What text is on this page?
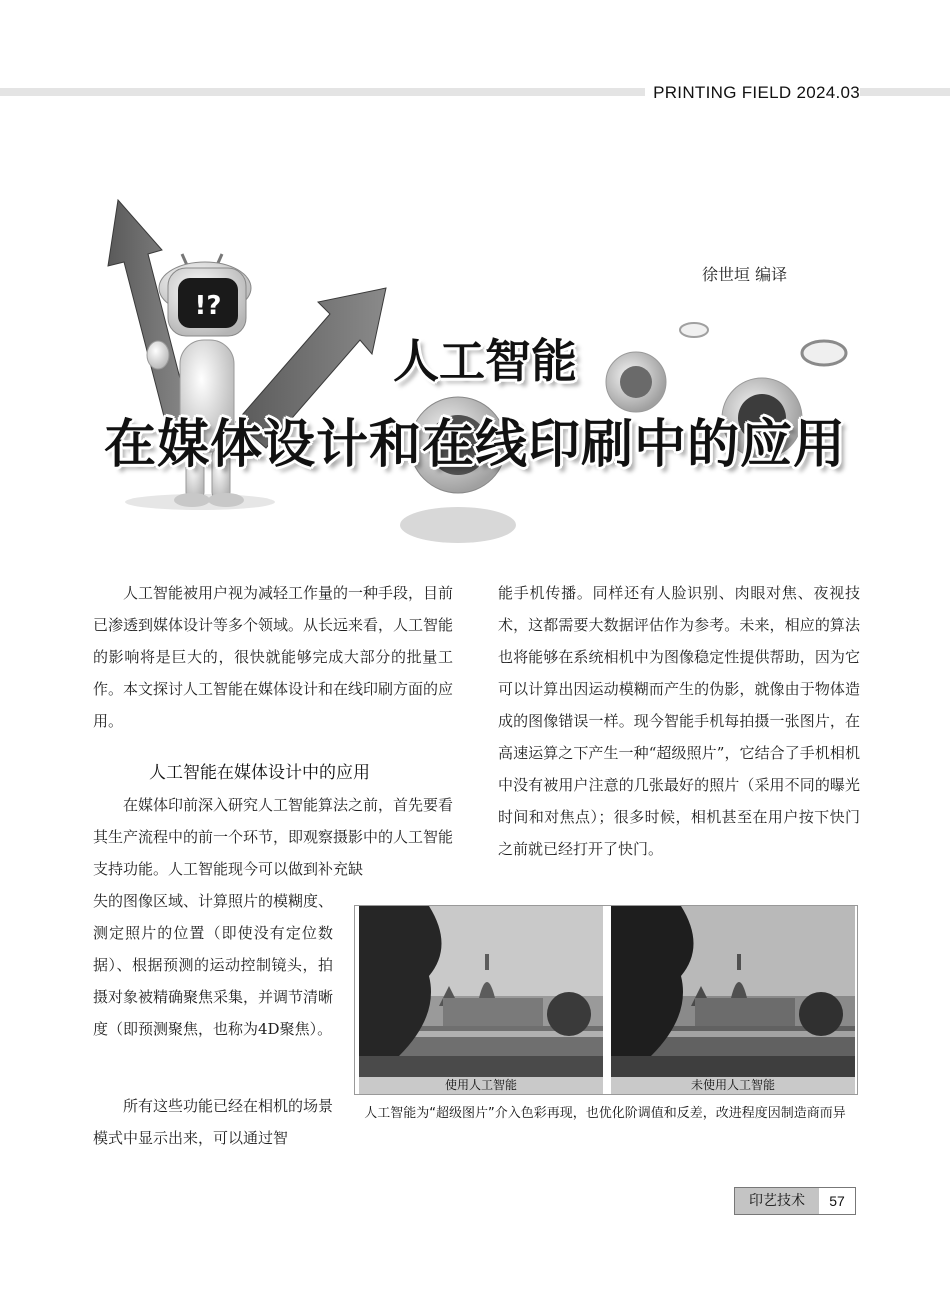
PRINTING FIELD 2024.03
!?
徐世垣 编译
人工智能
在媒体设计和在线印刷中的应用

人工智能被用户视为减轻工作量的一种手段，目前已渗透到媒体设计等多个领域。从长远来看，人工智能的影响将是巨大的，很快就能够完成大部分的批量工作。本文探讨人工智能在媒体设计和在线印刷方面的应用。

人工智能在媒体设计中的应用

在媒体印前深入研究人工智能算法之前，首先要看其生产流程中的前一个环节，即观察摄影中的人工智能支持功能。人工智能现今可以做到补充缺

失的图像区域、计算照片的模糊度、测定照片的位置（即使没有定位数据）、根据预测的运动控制镜头，拍摄对象被精确聚焦采集，并调节清晰度（即预测聚焦，也称为4D聚焦）。

所有这些功能已经在相机的场景模式中显示出来，可以通过智

能手机传播。同样还有人脸识别、肉眼对焦、夜视技术，这都需要大数据评估作为参考。未来，相应的算法也将能够在系统相机中为图像稳定性提供帮助，因为它可以计算出因运动模糊而产生的伪影，就像由于物体造成的图像错误一样。现今智能手机每拍摄一张图片，在高速运算之下产生一种“超级照片”，它结合了手机相机中没有被用户注意的几张最好的照片（采用不同的曝光时间和对焦点）；很多时候，相机甚至在用户按下快门之前就已经打开了快门。

使用人工智能	未使用人工智能
人工智能为“超级图片”介入色彩再现，也优化阶调值和反差，改进程度因制造商而异
印艺技术	57
